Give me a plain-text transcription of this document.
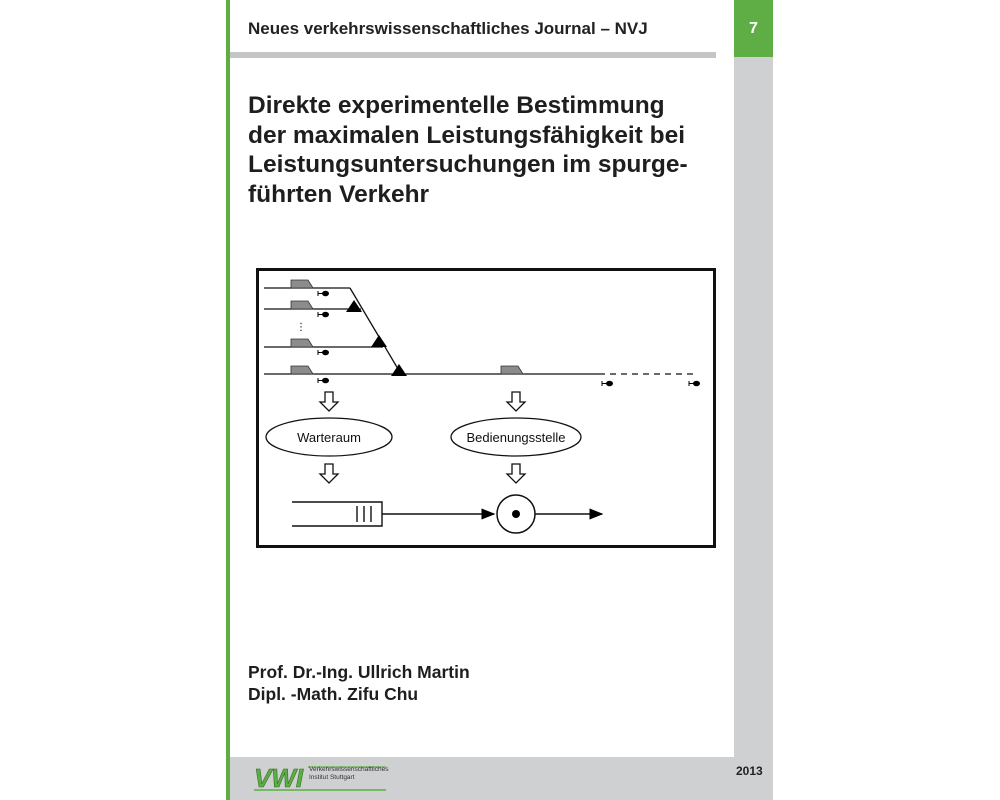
7
Neues verkehrswissenschaftliches Journal – NVJ
Direkte experimentelle Bestimmung
der maximalen Leistungsfähigkeit bei
Leistungsuntersuchungen im spurge-
führten Verkehr
⋮
Warteraum	Bedienungsstelle
Prof. Dr.-Ing. Ullrich Martin
Dipl. -Math. Zifu Chu
2013
VWI Verkehrswissenschaftliches
Institut Stuttgart
